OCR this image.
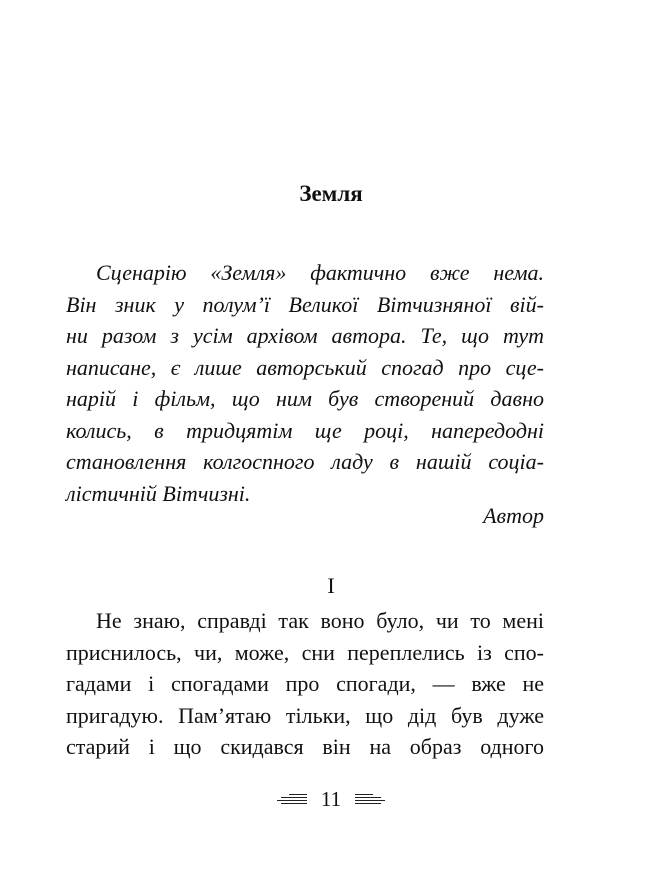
Земля
Сценарію «Земля» фактично вже нема.
Він зник у полум’ї Великої Вітчизняної вій-
ни разом з усім архівом автора. Те, що тут
написане, є лише авторський спогад про сце-
нарій і фільм, що ним був створений давно
колись, в тридцятім ще році, напередодні
становлення колгоспного ладу в нашій соціа-
лістичній Вітчизні.
Автор
I
Не знаю, справді так воно було, чи то мені
приснилось, чи, може, сни переплелись із спо-
гадами і спогадами про спогади, — вже не
пригадую. Пам’ятаю тільки, що дід був дуже
старий і що скидався він на образ одного
11
